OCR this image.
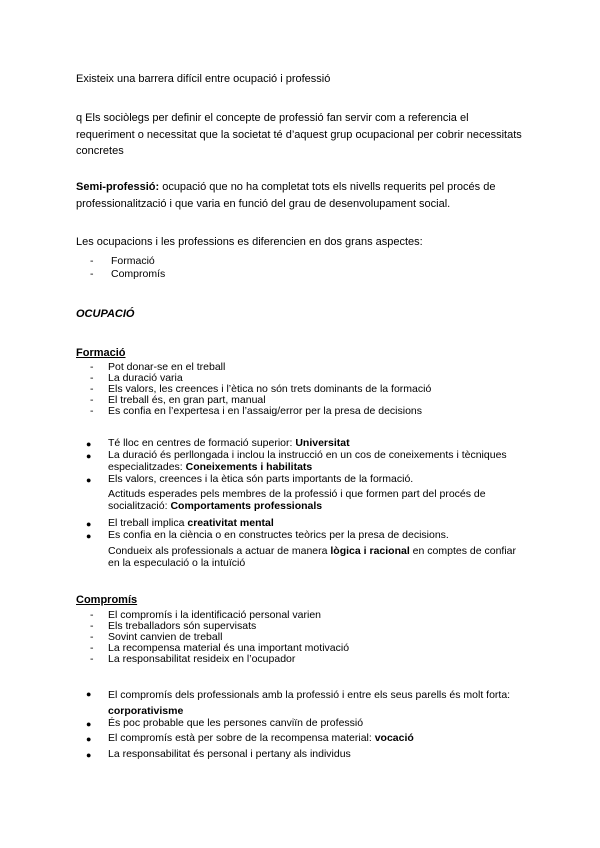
Existeix una barrera difícil entre ocupació i professió

q Els sociòlegs per definir el concepte de professió fan servir com a referencia el requeriment o necessitat que la societat té d’aquest grup ocupacional per cobrir necessitats concretes

Semi-professió: ocupació que no ha completat tots els nivells requerits pel procés de professionalització i que varia en funció del grau de desenvolupament social.

Les ocupacions i les professions es diferencien en dos grans aspectes:

- Formació
- Compromís

OCUPACIÓ

Formació

- Pot donar-se en el treball
- La duració varia
- Els valors, les creences i l’ètica no són trets dominants de la formació
- El treball és, en gran part, manual
- Es confia en l’expertesa i en l’assaig/error per la presa de decisions
● Té lloc en centres de formació superior: Universitat
● La duració és perllongada i inclou la instrucció en un cos de coneixements i tècniques especialitzades: Coneixements i habilitats
● Els valors, creences i la ètica són parts importants de la formació.
Actituds esperades pels membres de la professió i que formen part del procés de socialització: Comportaments professionals
● El treball implica creativitat mental
● Es confia en la ciència o en constructes teòrics per la presa de decisions.
Condueix als professionals a actuar de manera lògica i racional en comptes de confiar en la especulació o la intuïció

Compromís

- El compromís i la identificació personal varien
- Els treballadors són supervisats
- Sovint canvien de treball
- La recompensa material és una important motivació
- La responsabilitat resideix en l’ocupador
● El compromís dels professionals amb la professió i entre els seus parells és molt forta: corporativisme
● És poc probable que les persones canviïn de professió
● El compromís està per sobre de la recompensa material: vocació
● La responsabilitat és personal i pertany als individus
